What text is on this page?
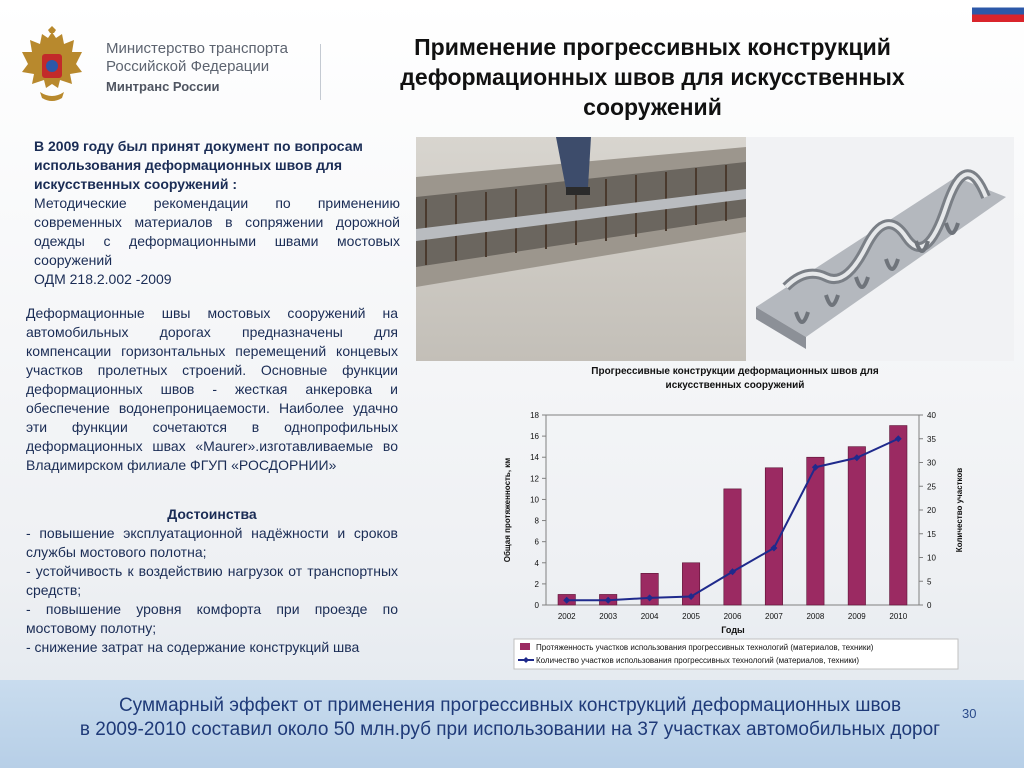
Министерство транспорта
Российской Федерации
Минтранс России
Применение прогрессивных конструкций деформационных швов для искусственных сооружений
В 2009 году был принят документ по вопросам использования деформационных швов для искусственных сооружений :
Методические рекомендации по применению современных материалов в сопряжении дорожной одежды с деформационными швами мостовых сооружений
ОДМ 218.2.002 -2009
Деформационные швы мостовых сооружений на автомобильных дорогах предназначены для компенсации горизонтальных перемещений концевых участков пролетных строений. Основные функции деформационных швов - жесткая анкеровка и обеспечение водонепроницаемости. Наиболее удачно эти функции сочетаются в однопрофильных деформационных швах «Maurer».изготавливаемые во Владимирском филиале ФГУП «РОСДОРНИИ»
Достоинства
- повышение эксплуатационной надёжности и сроков службы мостового полотна;
- устойчивость к воздействию нагрузок от транспортных средств;
- повышение уровня комфорта при проезде по мостовому полотну;
- снижение затрат на содержание конструкций шва
Прогрессивные конструкции деформационных швов для
искусственных сооружений
0
2
4
6
8
10
12
14
16
18
0
5
10
15
20
25
30
35
40
2002	2003	2004	2005	2006	2007	2008	2009	2010
Годы
Общая протяженность, км	Количество участков
Протяженность участков использования прогрессивных технологий (материалов, техники)
Количество участков использования прогрессивных технологий (материалов, техники)
Суммарный эффект от применения прогрессивных конструкций деформационных швов
в 2009-2010 составил около 50 млн.руб при использовании на 37 участках автомобильных дорог
30
